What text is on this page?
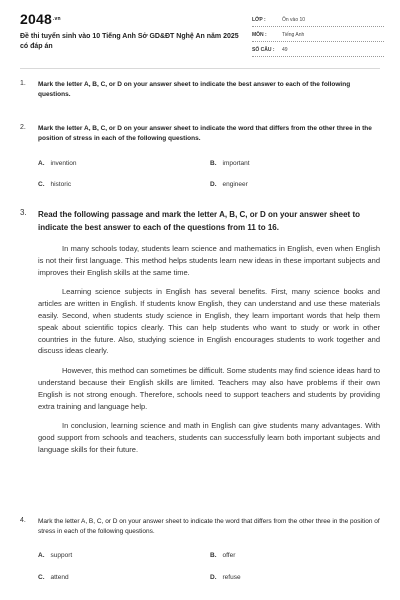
$2048^{.vn}$
Đề thi tuyển sinh vào 10 Tiếng Anh Sở GD&ĐT Nghệ An năm 2025 có đáp án
LỚP :	Ôn vào 10
MÔN :	Tiếng Anh
SỐ CÂU : 49
1. Mark the letter A, B, C, or D on your answer sheet to indicate the best answer to each of the following questions.
2. Mark the letter A, B, C, or D on your answer sheet to indicate the word that differs from the other three in the position of stress in each of the following questions.
A. invention	B. important
C. historic	D. engineer
3. Read the following passage and mark the letter A, B, C, or D on your answer sheet to indicate the best answer to each of the questions from 11 to 16.

In many schools today, students learn science and mathematics in English, even when English is not their first language. This method helps students learn new ideas in these important subjects and improves their English skills at the same time.

Learning science subjects in English has several benefits. First, many science books and articles are written in English. If students know English, they can understand and use these materials easily. Second, when students study science in English, they learn important words that help them speak about scientific topics clearly. This can help students who want to study or work in other countries in the future. Also, studying science in English encourages students to work together and discuss ideas clearly.

However, this method can sometimes be difficult. Some students may find science ideas hard to understand because their English skills are limited. Teachers may also have problems if their own English is not strong enough. Therefore, schools need to support teachers and students by providing extra training and language help.

In conclusion, learning science and math in English can give students many advantages. With good support from schools and teachers, students can successfully learn both important subjects and language skills for their future.

4. Mark the letter A, B, C, or D on your answer sheet to indicate the word that differs from the other three in the position of stress in each of the following questions.
A. support	B. offer
C. attend	D. refuse
